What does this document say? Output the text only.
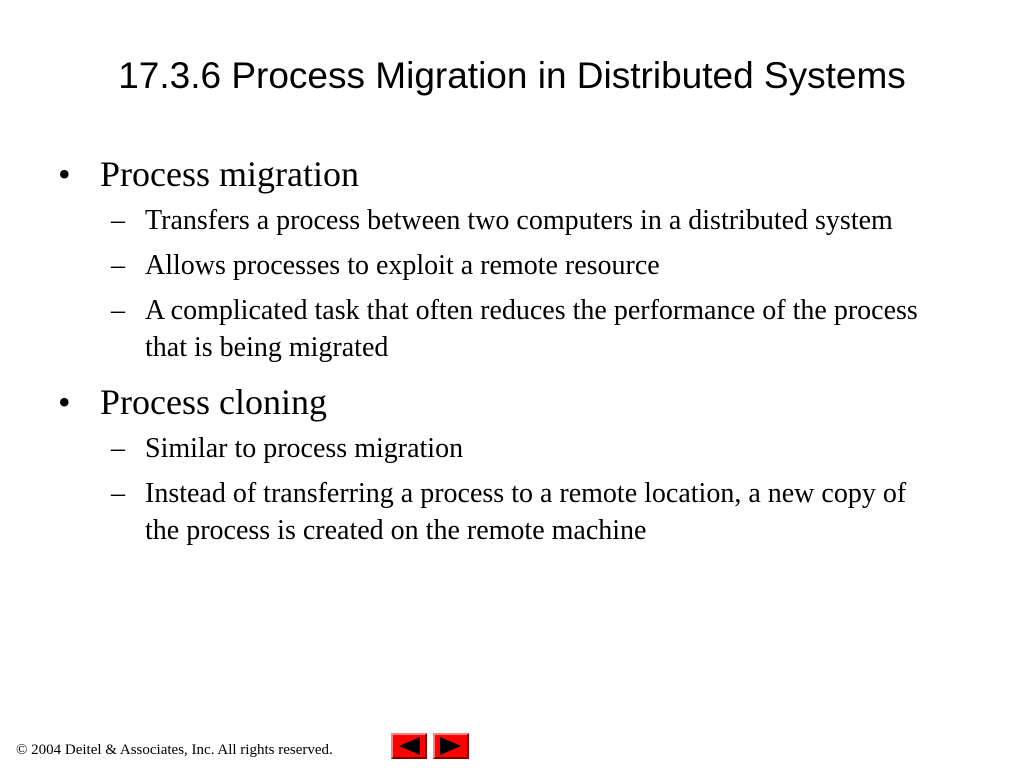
17.3.6 Process Migration in Distributed Systems
• Process migration
– Transfers a process between two computers in a distributed system
– Allows processes to exploit a remote resource
– A complicated task that often reduces the performance of the process that is being migrated
• Process cloning
– Similar to process migration
– Instead of transferring a process to a remote location, a new copy of the process is created on the remote machine
© 2004 Deitel & Associates, Inc. All rights reserved.
